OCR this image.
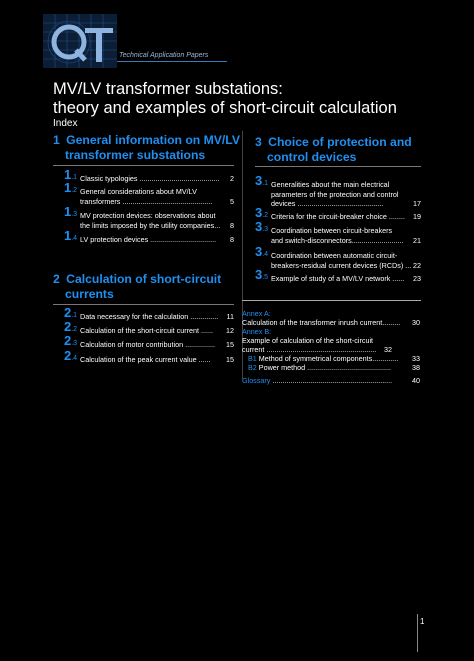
Technical Application Papers
MV/LV transformer substations:
theory and examples of short-circuit calculation
Index
1 General information on MV/LV
transformer substations
1.1 Classic typologies ........................................ 2
1.2 General considerations about MV/LV
transformers ............................................. 5
1.3 MV protection devices: observations about
the limits imposed by the utility companies... 8
1.4 LV protection devices ................................. 8
2 Calculation of short-circuit
currents
2.1 Data necessary for the calculation .............. 11
2.2 Calculation of the short-circuit current ...... 12
2.3 Calculation of motor contribution ............... 15
2.4 Calculation of the peak current value ...... 15
3 Choice of protection and
control devices
3.1 Generalities about the main electrical
parameters of the protection and control
devices ...........................................	17
3.2 Criteria for the circuit-breaker choice ........ 19
3.3 Coordination between circuit-breakers
and switch-disconnectors.......................... 21
3.4 Coordination between automatic circuit-
breakers-residual current devices (RCDs) ... 22
3.5 Example of study of a MV/LV network ...... 23
Annex A:
Calculation of the transformer inrush current......... 30
Annex B:
Example of calculation of the short-circuit
current ....................................................... 32
B1 Method of symmetrical components............. 33
B2 Power method ..........................................	38
Glossary ............................................................	40
1
